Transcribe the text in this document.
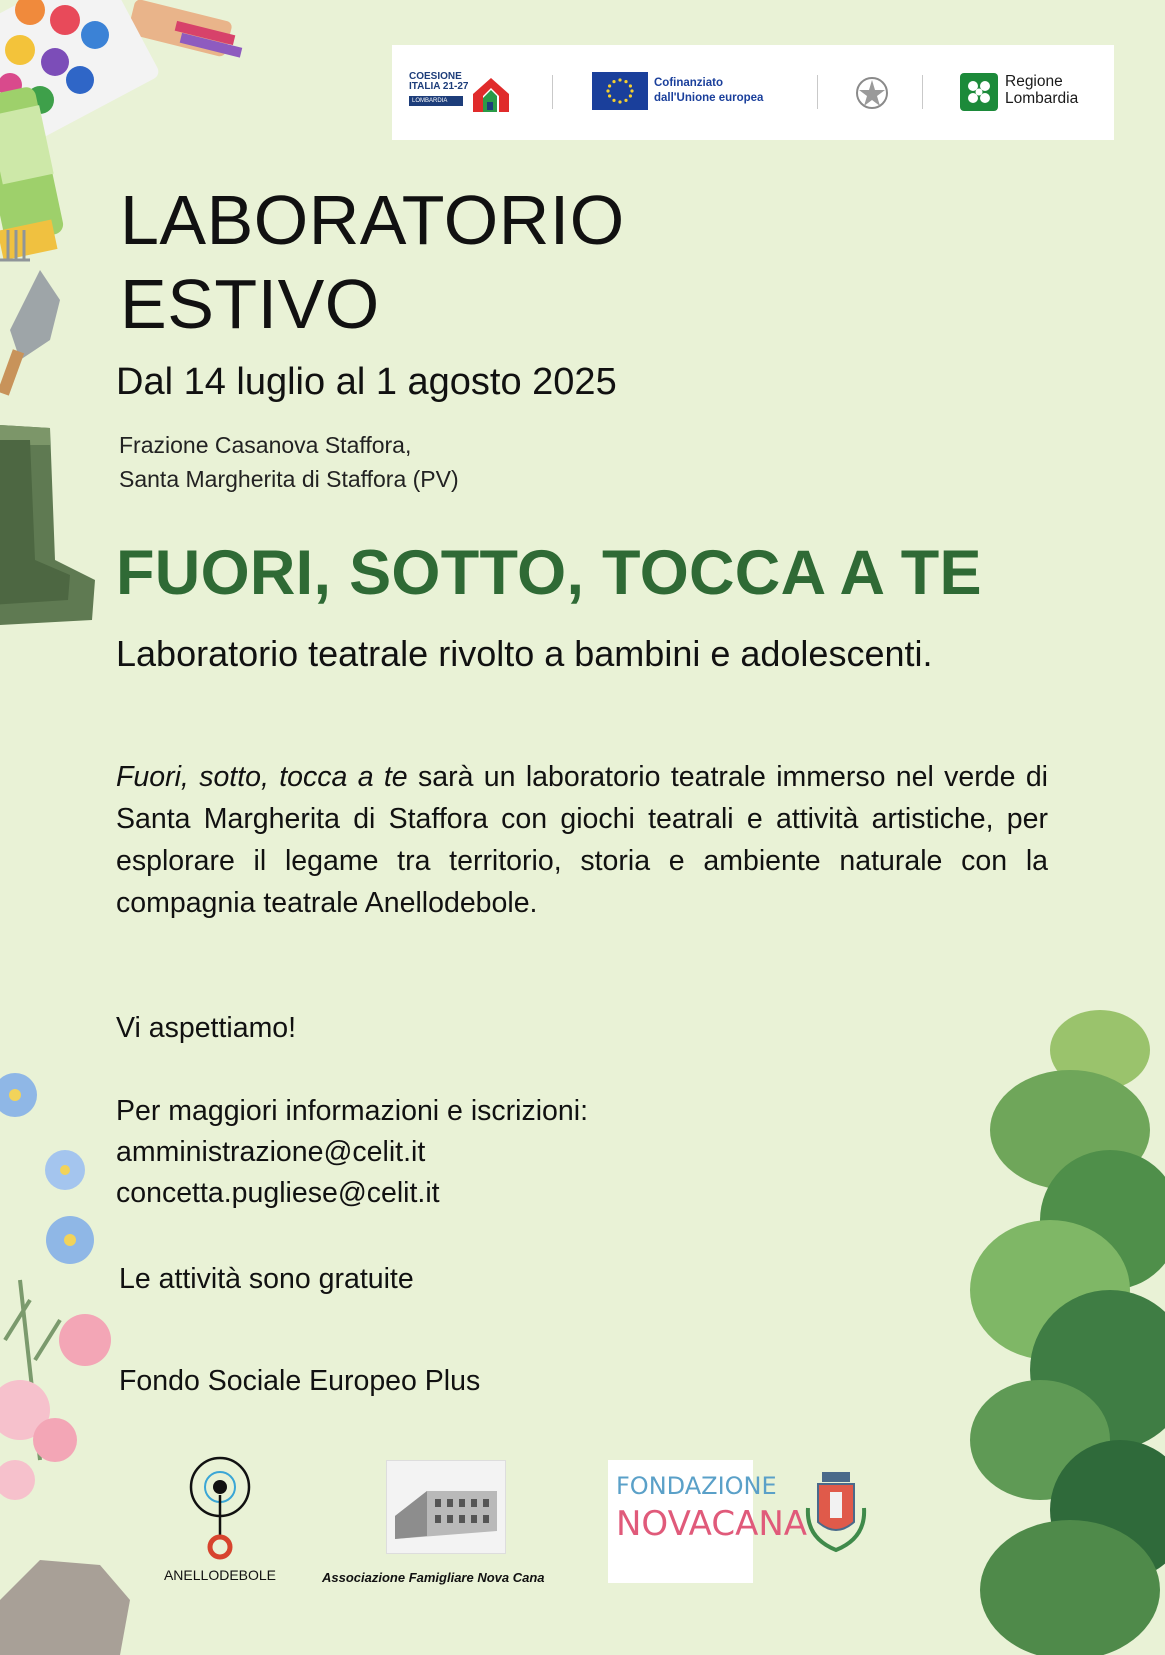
COESIONE
ITALIA 21-27
LOMBARDIA
Cofinanziato
dall'Unione europea
Regione
Lombardia
LABORATORIO
ESTIVO
Dal 14 luglio al 1 agosto 2025
Frazione Casanova Staffora,
Santa Margherita di Staffora (PV)
FUORI, SOTTO, TOCCA A TE
Laboratorio teatrale rivolto a bambini e adolescenti.
Fuori, sotto, tocca a te sarà un laboratorio teatrale immerso nel verde di Santa Margherita di Staffora con giochi teatrali e attività artistiche, per esplorare il legame tra territorio, storia e ambiente naturale con la compagnia teatrale Anellodebole.
Vi aspettiamo!
Per maggiori informazioni e iscrizioni:
amministrazione@celit.it
concetta.pugliese@celit.it
Le attività sono gratuite
Fondo Sociale Europeo Plus
ANELLODEBOLE	Associazione Famigliare Nova Cana
FONDAZIONE
NOVACANA
